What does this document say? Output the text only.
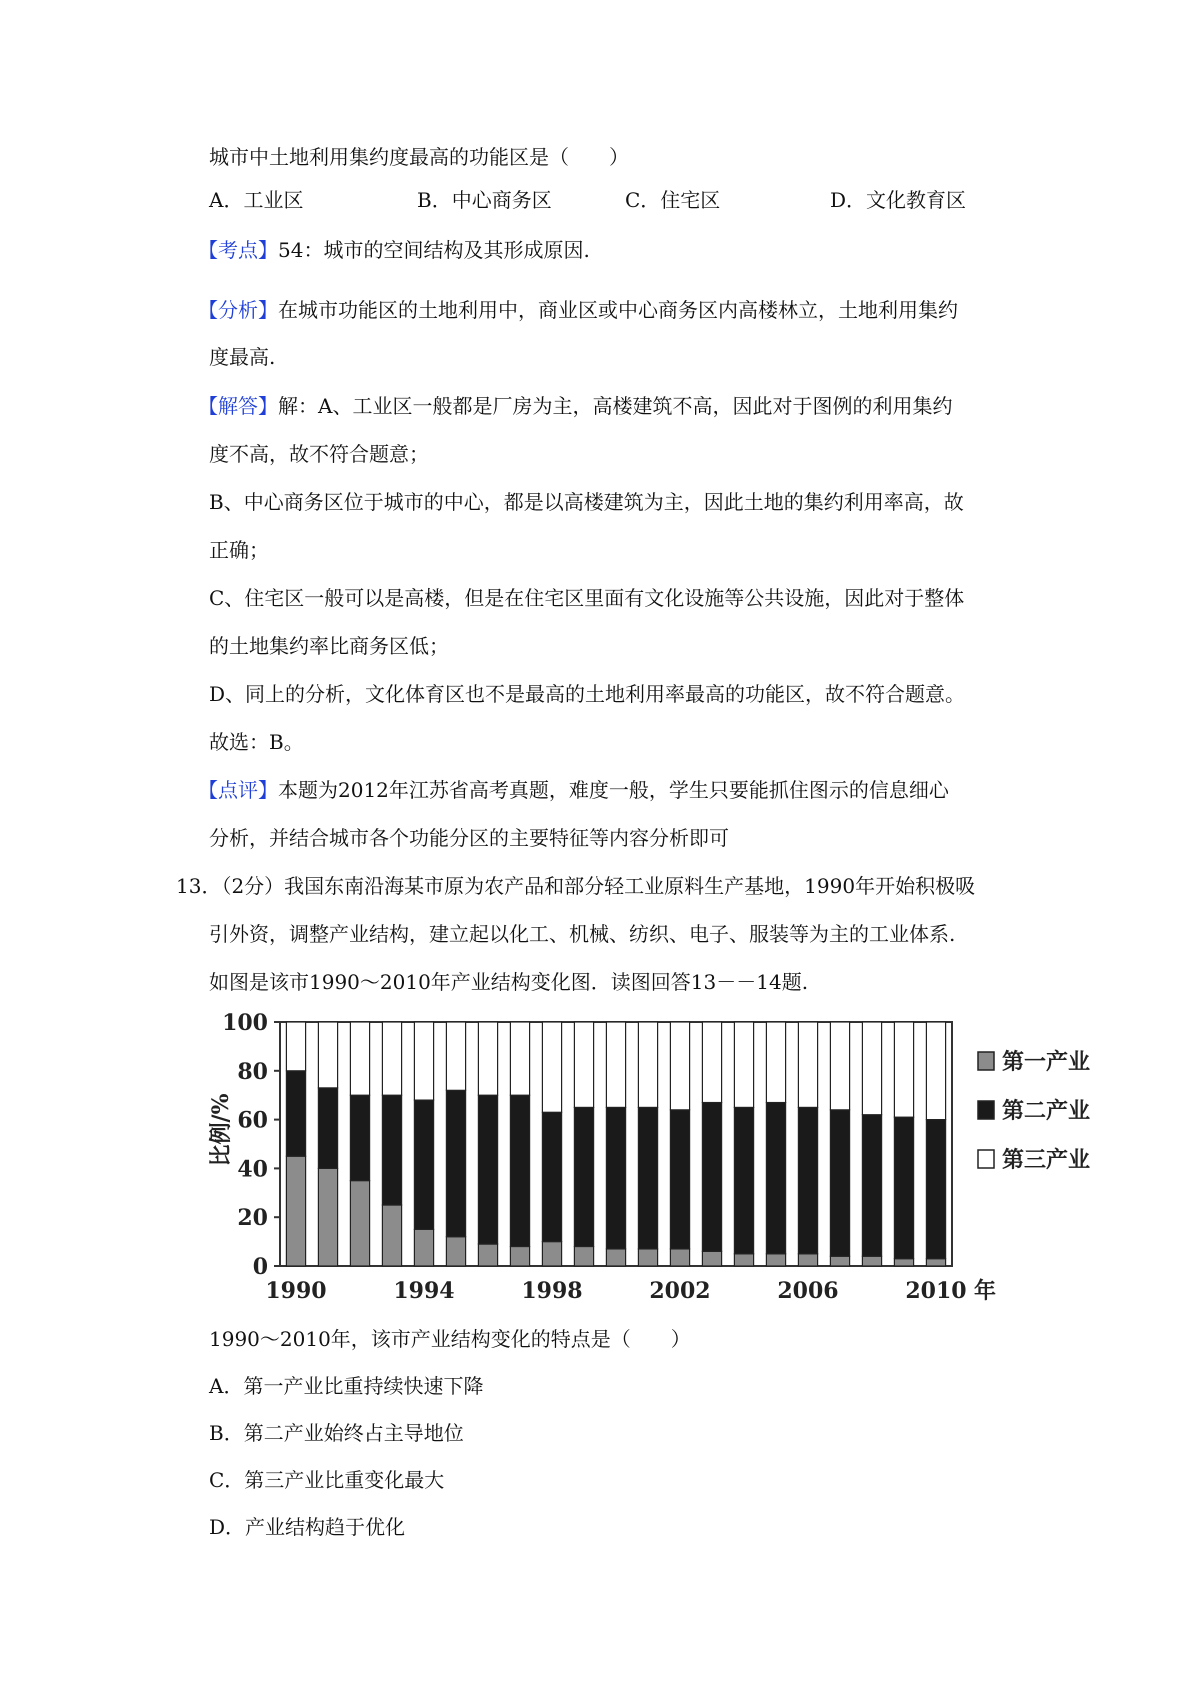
城市中土地利用集约度最高的功能区是（　　）
A．工业区	B．中心商务区	C．住宅区	D．文化教育区
【考点】54：城市的空间结构及其形成原因.
【分析】在城市功能区的土地利用中，商业区或中心商务区内高楼林立，土地利用集约
度最高.
【解答】解：A、工业区一般都是厂房为主，高楼建筑不高，因此对于图例的利用集约
度不高，故不符合题意；
B、中心商务区位于城市的中心，都是以高楼建筑为主，因此土地的集约利用率高，故
正确；
C、住宅区一般可以是高楼，但是在住宅区里面有文化设施等公共设施，因此对于整体
的土地集约率比商务区低；
D、同上的分析，文化体育区也不是最高的土地利用率最高的功能区，故不符合题意。
故选：B。
【点评】本题为2012年江苏省高考真题，难度一般，学生只要能抓住图示的信息细心
分析，并结合城市各个功能分区的主要特征等内容分析即可
13．（2分）我国东南沿海某市原为农产品和部分轻工业原料生产基地，1990年开始积极吸
引外资，调整产业结构，建立起以化工、机械、纺织、电子、服装等为主的工业体系.
如图是该市1990～2010年产业结构变化图．读图回答13－－14题.
比例/%
0
20
40
60
80
100
1990	1994	1998	2002	2006	2010 年
第一产业
第二产业
第三产业
1990～2010年，该市产业结构变化的特点是（　　）
A．第一产业比重持续快速下降
B．第二产业始终占主导地位
C．第三产业比重变化最大
D．产业结构趋于优化
